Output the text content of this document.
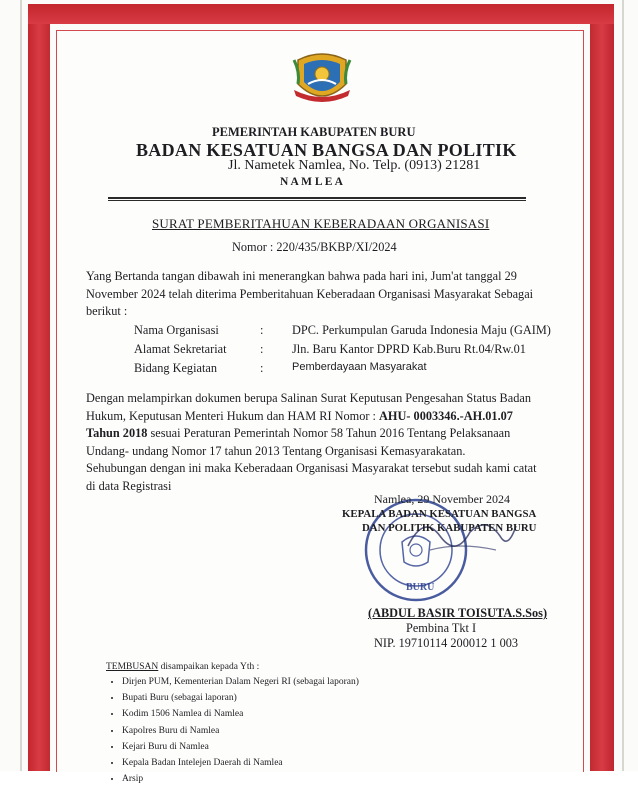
PEMERINTAH KABUPATEN BURU
BADAN KESATUAN BANGSA DAN POLITIK
Jl. Nametek Namlea, No. Telp. (0913) 21281
N A M L E A
SURAT PEMBERITAHUAN KEBERADAAN ORGANISASI
Nomor : 220/435/BKBP/XI/2024
Yang Bertanda tangan dibawah ini menerangkan bahwa pada hari ini, Jum'at tanggal 29
November 2024 telah diterima Pemberitahuan Keberadaan Organisasi Masyarakat Sebagai
berikut :
Nama Organisasi	: DPC. Perkumpulan Garuda Indonesia Maju (GAIM)
Alamat Sekretariat	: Jln. Baru Kantor DPRD Kab.Buru Rt.04/Rw.01
Bidang Kegiatan	:	Pemberdayaan Masyarakat
Dengan melampirkan dokumen berupa Salinan Surat Keputusan Pengesahan Status Badan
Hukum, Keputusan Menteri Hukum dan HAM RI Nomor : AHU- 0003346.-AH.01.07
Tahun 2018 sesuai Peraturan Pemerintah Nomor 58 Tahun 2016 Tentang Pelaksanaan
Undang- undang Nomor 17 tahun 2013 Tentang Organisasi Kemasyarakatan.
Sehubungan dengan ini maka Keberadaan Organisasi Masyarakat tersebut sudah kami catat
di data Registrasi
BURU
Namlea, 29 November 2024
KEPALA BADAN KESATUAN BANGSA
DAN POLITIK KABUPATEN BURU
(ABDUL BASIR TOISUTA.S.Sos)
Pembina Tkt I
NIP. 19710114 200012 1 003
TEMBUSAN disampaikan kepada Yth :
• Dirjen PUM, Kementerian Dalam Negeri RI (sebagai laporan)
• Bupati Buru (sebagai laporan)
• Kodim 1506 Namlea di Namlea
• Kapolres Buru di Namlea
• Kejari Buru di Namlea
• Kepala Badan Intelejen Daerah di Namlea
• Arsip
